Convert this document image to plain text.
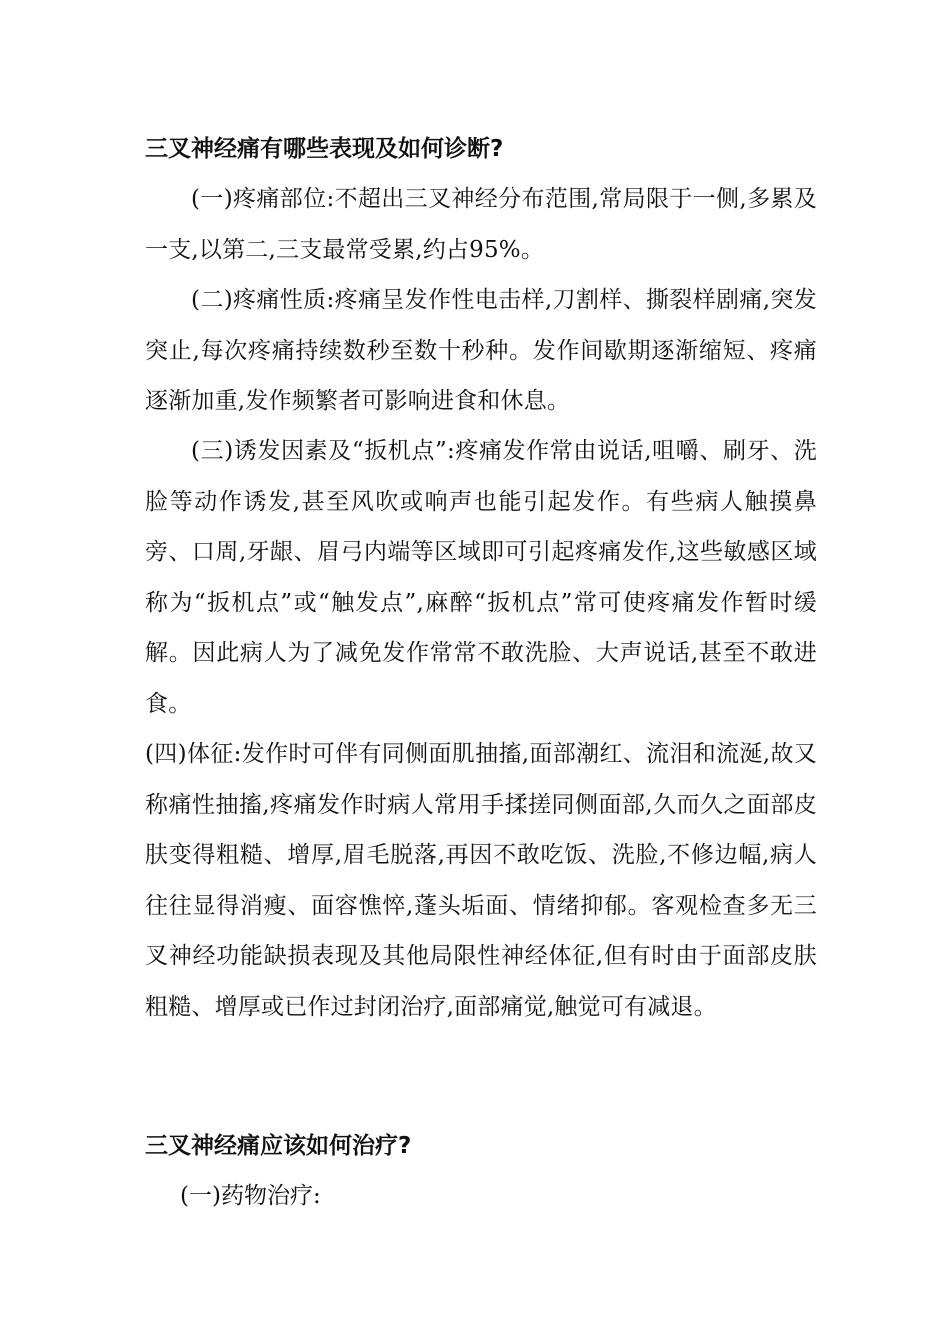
三叉神经痛有哪些表现及如何诊断?
(一)疼痛部位:不超出三叉神经分布范围,常局限于一侧,多累及一支,以第二,三支最常受累,约占95%。
(二)疼痛性质:疼痛呈发作性电击样,刀割样、撕裂样剧痛,突发突止,每次疼痛持续数秒至数十秒种。发作间歇期逐渐缩短、疼痛逐渐加重,发作频繁者可影响进食和休息。
(三)诱发因素及“扳机点”:疼痛发作常由说话,咀嚼、刷牙、洗脸等动作诱发,甚至风吹或响声也能引起发作。有些病人触摸鼻旁、口周,牙龈、眉弓内端等区域即可引起疼痛发作,这些敏感区域称为“扳机点”或“触发点”,麻醉“扳机点”常可使疼痛发作暂时缓解。因此病人为了减免发作常常不敢洗脸、大声说话,甚至不敢进食。
(四)体征:发作时可伴有同侧面肌抽搐,面部潮红、流泪和流涎,故又称痛性抽搐,疼痛发作时病人常用手揉搓同侧面部,久而久之面部皮肤变得粗糙、增厚,眉毛脱落,再因不敢吃饭、洗脸,不修边幅,病人往往显得消瘦、面容憔悴,蓬头垢面、情绪抑郁。客观检查多无三叉神经功能缺损表现及其他局限性神经体征,但有时由于面部皮肤粗糙、增厚或已作过封闭治疗,面部痛觉,触觉可有减退。
三叉神经痛应该如何治疗?
(一)药物治疗:
